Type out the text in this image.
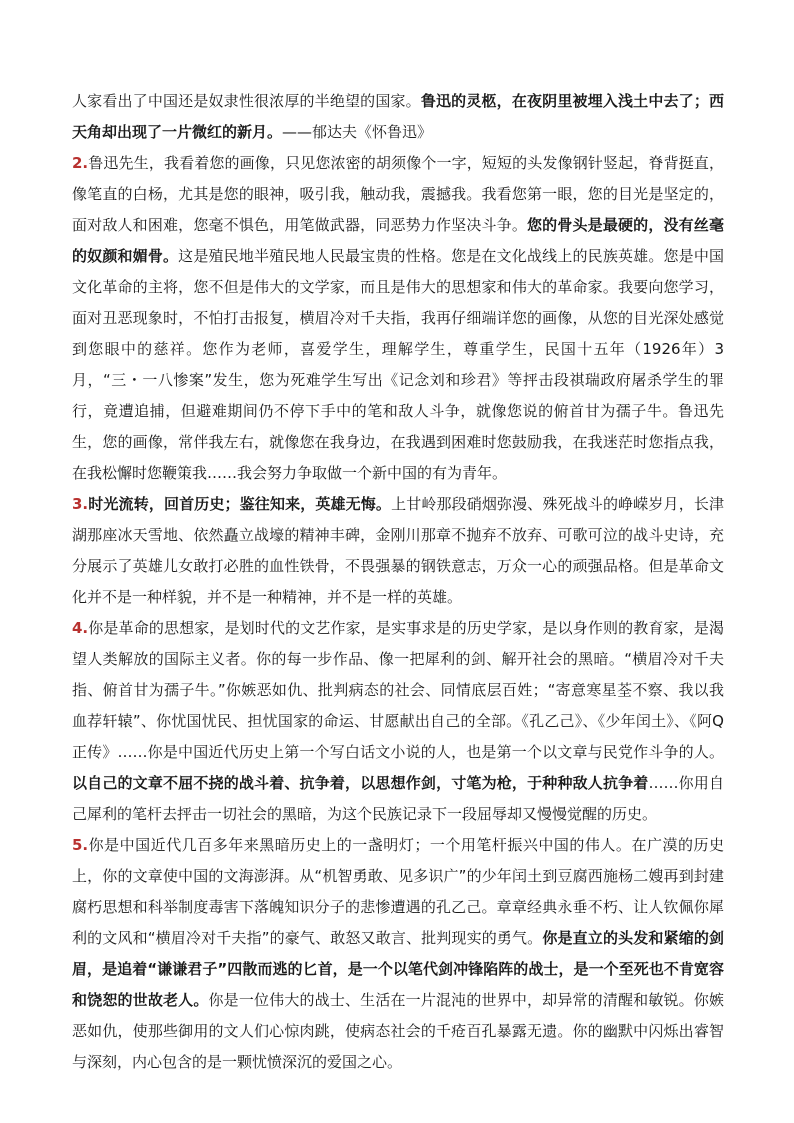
人家看出了中国还是奴隶性很浓厚的半绝望的国家。鲁迅的灵柩，在夜阴里被埋入浅土中去了；西天角却出现了一片微红的新月。——郁达夫《怀鲁迅》

2.鲁迅先生，我看着您的画像，只见您浓密的胡须像个一字，短短的头发像钢针竖起，脊背挺直，像笔直的白杨，尤其是您的眼神，吸引我，触动我，震撼我。我看您第一眼，您的目光是坚定的，面对敌人和困难，您毫不惧色，用笔做武器，同恶势力作坚决斗争。您的骨头是最硬的，没有丝毫的奴颜和媚骨。这是殖民地半殖民地人民最宝贵的性格。您是在文化战线上的民族英雄。您是中国文化革命的主将，您不但是伟大的文学家，而且是伟大的思想家和伟大的革命家。我要向您学习，面对丑恶现象时，不怕打击报复，横眉冷对千夫指，我再仔细端详您的画像，从您的目光深处感觉到您眼中的慈祥。您作为老师，喜爱学生，理解学生，尊重学生，民国十五年（1926年）3月，“三・一八惨案”发生，您为死难学生写出《记念刘和珍君》等抨击段祺瑞政府屠杀学生的罪行，竟遭追捕，但避难期间仍不停下手中的笔和敌人斗争，就像您说的俯首甘为孺子牛。鲁迅先生，您的画像，常伴我左右，就像您在我身边，在我遇到困难时您鼓励我，在我迷茫时您指点我，在我松懈时您鞭策我……我会努力争取做一个新中国的有为青年。

3.时光流转，回首历史；鉴往知来，英雄无悔。上甘岭那段硝烟弥漫、殊死战斗的峥嵘岁月，长津湖那座冰天雪地、依然矗立战壕的精神丰碑，金刚川那章不抛弃不放弃、可歌可泣的战斗史诗，充分展示了英雄儿女敢打必胜的血性铁骨，不畏强暴的钢铁意志，万众一心的顽强品格。但是革命文化并不是一种样貌，并不是一种精神，并不是一样的英雄。

4.你是革命的思想家，是划时代的文艺作家，是实事求是的历史学家，是以身作则的教育家，是渴望人类解放的国际主义者。你的每一步作品、像一把犀利的剑、解开社会的黑暗。“横眉冷对千夫指、俯首甘为孺子牛。”你嫉恶如仇、批判病态的社会、同情底层百姓；“寄意寒星荃不察、我以我血荐轩辕”、你忧国忧民、担忧国家的命运、甘愿献出自己的全部。《孔乙己》、《少年闰土》、《阿Q正传》……你是中国近代历史上第一个写白话文小说的人，也是第一个以文章与民党作斗争的人。以自己的文章不屈不挠的战斗着、抗争着，以思想作剑，寸笔为枪，于种种敌人抗争着……你用自己犀利的笔杆去抨击一切社会的黑暗，为这个民族记录下一段屈辱却又慢慢觉醒的历史。

5.你是中国近代几百多年来黑暗历史上的一盏明灯；一个用笔杆振兴中国的伟人。在广漠的历史上，你的文章使中国的文海澎湃。从“机智勇敢、见多识广”的少年闰土到豆腐西施杨二嫂再到封建腐朽思想和科举制度毒害下落魄知识分子的悲惨遭遇的孔乙己。章章经典永垂不朽、让人钦佩你犀利的文风和“横眉冷对千夫指”的豪气、敢怒又敢言、批判现实的勇气。你是直立的头发和紧缩的剑眉，是追着“谦谦君子”四散而逃的匕首，是一个以笔代剑冲锋陷阵的战士，是一个至死也不肯宽容和饶恕的世故老人。你是一位伟大的战士、生活在一片混沌的世界中，却异常的清醒和敏锐。你嫉恶如仇，使那些御用的文人们心惊肉跳，使病态社会的千疮百孔暴露无遗。你的幽默中闪烁出睿智与深刻，内心包含的是一颗忧愤深沉的爱国之心。
